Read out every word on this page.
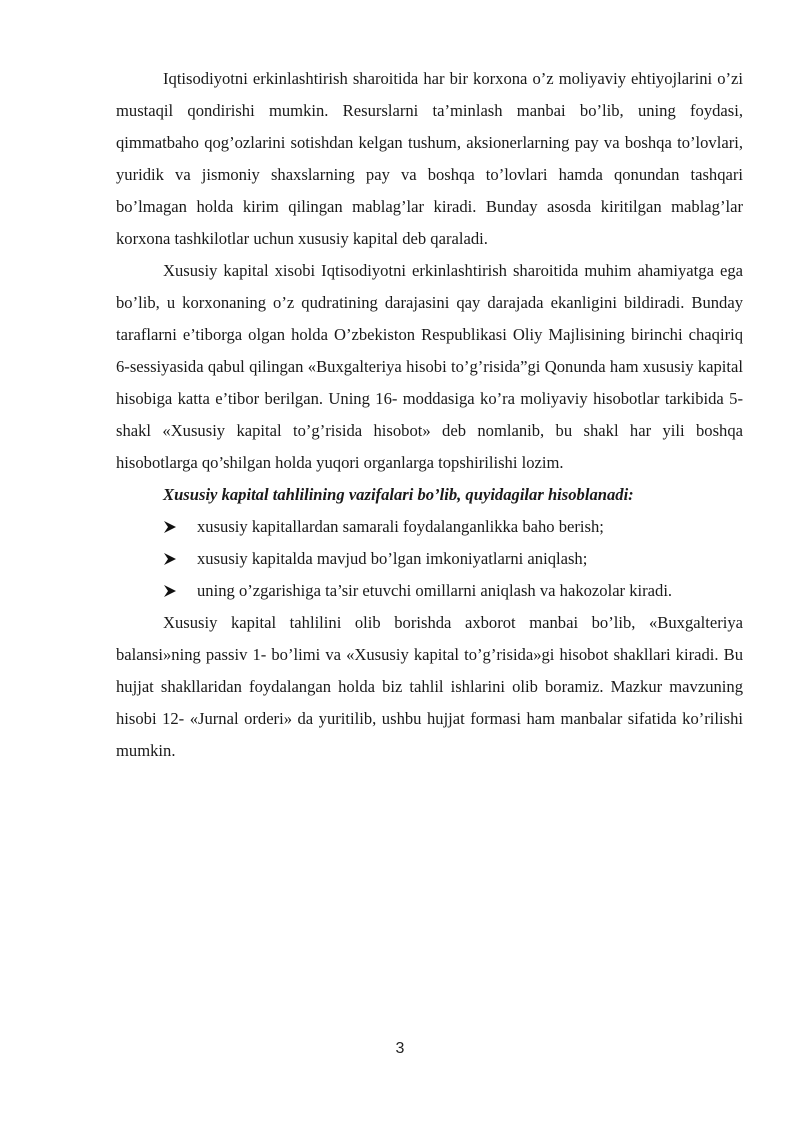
Iqtisodiyotni erkinlashtirish sharoitida har bir korxona o’z moliyaviy ehtiyojlarini o’zi mustaqil qondirishi mumkin. Resurslarni ta’minlash manbai bo’lib, uning foydasi, qimmatbaho qog’ozlarini sotishdan kelgan tushum, aksionerlarning pay va boshqa to’lovlari, yuridik va jismoniy shaxslarning pay va boshqa to’lovlari hamda qonundan tashqari bo’lmagan holda kirim qilingan mablag’lar kiradi. Bunday asosda kiritilgan mablag’lar korxona tashkilotlar uchun xususiy kapital deb qaraladi.

Xususiy kapital xisobi Iqtisodiyotni erkinlashtirish sharoitida muhim ahamiyatga ega bo’lib, u korxonaning o’z qudratining darajasini qay darajada ekanligini bildiradi. Bunday taraflarni e’tiborga olgan holda O’zbekiston Respublikasi Oliy Majlisining birinchi chaqiriq 6-sessiyasida qabul qilingan «Buxgalteriya hisobi to’g’risida”gi Qonunda ham xususiy kapital hisobiga katta e’tibor berilgan. Uning 16- moddasiga ko’ra moliyaviy hisobotlar tarkibida 5- shakl «Xususiy kapital to’g’risida hisobot» deb nomlanib, bu shakl har yili boshqa hisobotlarga qo’shilgan holda yuqori organlarga topshirilishi lozim.

Xususiy kapital tahlilining vazifalari bo’lib, quyidagilar hisoblanadi:

xususiy kapitallardan samarali foydalanganlikka baho berish;
xususiy kapitalda mavjud bo’lgan imkoniyatlarni aniqlash;
uning o’zgarishiga ta’sir etuvchi omillarni aniqlash va hakozolar kiradi.

Xususiy kapital tahlilini olib borishda axborot manbai bo’lib, «Buxgalteriya balansi»ning passiv 1- bo’limi va «Xususiy kapital to’g’risida»gi hisobot shakllari kiradi. Bu hujjat shakllaridan foydalangan holda biz tahlil ishlarini olib boramiz. Mazkur mavzuning hisobi 12- «Jurnal orderi» da yuritilib, ushbu hujjat formasi ham manbalar sifatida ko’rilishi mumkin.

3
